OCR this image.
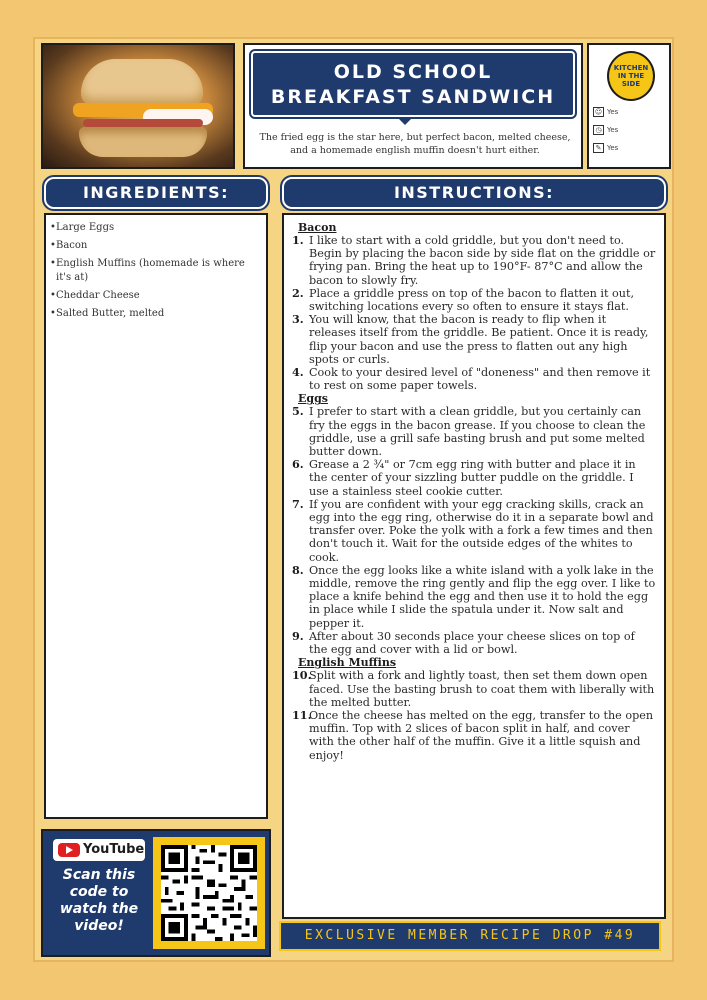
OLD SCHOOL
BREAKFAST SANDWICH
The fried egg is the star here, but perfect bacon, melted cheese, and a homemade english muffin doesn't hurt either.
KITCHEN
IN THE
SIDE
☺ Yes
◷ Yes
✎ Yes
INGREDIENTS:
• Large Eggs
• Bacon
• English Muffins (homemade is where it's at)
• Cheddar Cheese
• Salted Butter, melted
YouTube
Scan this code to watch the video!
INSTRUCTIONS:
Bacon
1. I like to start with a cold griddle, but you don't need to. Begin by placing the bacon side by side flat on the griddle or frying pan. Bring the heat up to 190°F- 87°C and allow the bacon to slowly fry.
2. Place a griddle press on top of the bacon to flatten it out, switching locations every so often to ensure it stays flat.
3. You will know, that the bacon is ready to flip when it releases itself from the griddle. Be patient. Once it is ready, flip your bacon and use the press to flatten out any high spots or curls.
4. Cook to your desired level of "doneness" and then remove it to rest on some paper towels.
Eggs
5. I prefer to start with a clean griddle, but you certainly can fry the eggs in the bacon grease. If you choose to clean the griddle, use a grill safe basting brush and put some melted butter down.
6. Grease a 2 ¾" or 7cm egg ring with butter and place it in the center of your sizzling butter puddle on the griddle. I use a stainless steel cookie cutter.
7. If you are confident with your egg cracking skills, crack an egg into the egg ring, otherwise do it in a separate bowl and transfer over. Poke the yolk with a fork a few times and then don't touch it. Wait for the outside edges of the whites to cook.
8. Once the egg looks like a white island with a yolk lake in the middle, remove the ring gently and flip the egg over. I like to place a knife behind the egg and then use it to hold the egg in place while I slide the spatula under it. Now salt and pepper it.
9. After about 30 seconds place your cheese slices on top of the egg and cover with a lid or bowl.
English Muffins
10.
Split with a fork and lightly toast, then set them down open faced. Use the basting brush to coat them with liberally with the melted butter.
11.
Once the cheese has melted on the egg, transfer to the open muffin. Top with 2 slices of bacon split in half, and cover with the other half of the muffin. Give it a little squish and enjoy!
EXCLUSIVE MEMBER RECIPE DROP #49
